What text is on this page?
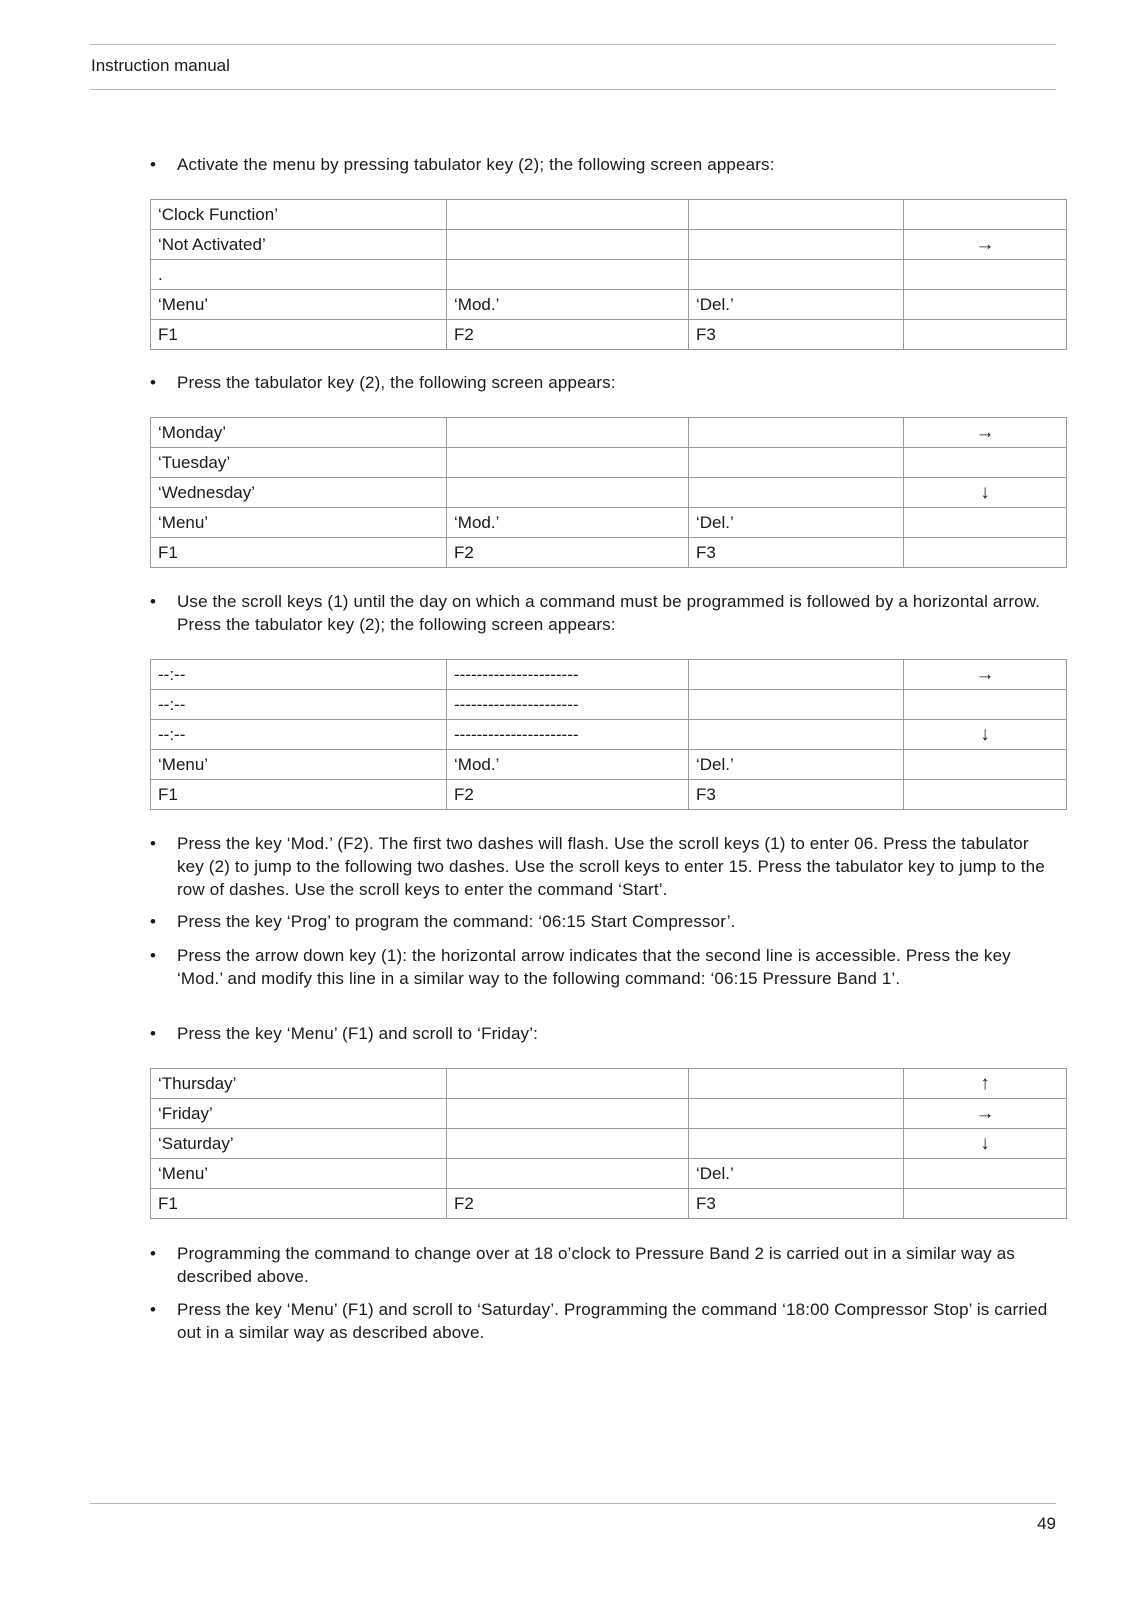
Instruction manual
• Activate the menu by pressing tabulator key (2); the following screen appears:
‘Clock Function’			
‘Not Activated’			→
.			
‘Menu’	‘Mod.’	‘Del.’	
F1	F2	F3	
• Press the tabulator key (2), the following screen appears:
‘Monday’			→
‘Tuesday’			
‘Wednesday’			↓
‘Menu’	‘Mod.’	‘Del.’	
F1	F2	F3	
• Use the scroll keys (1) until the day on which a command must be programmed is followed by a horizontal arrow. Press the tabulator key (2); the following screen appears:
--:--	----------------------		→
--:--	----------------------		
--:--	----------------------		↓
‘Menu’	‘Mod.’	‘Del.’	
F1	F2	F3	
• Press the key ‘Mod.’ (F2). The first two dashes will flash. Use the scroll keys (1) to enter 06. Press the tabulator key (2) to jump to the following two dashes. Use the scroll keys to enter 15. Press the tabulator key to jump to the row of dashes. Use the scroll keys to enter the command ‘Start’.
• Press the key ‘Prog’ to program the command: ‘06:15 Start Compressor’.
• Press the arrow down key (1): the horizontal arrow indicates that the second line is accessible. Press the key ‘Mod.’ and modify this line in a similar way to the following command: ‘06:15 Pressure Band 1’.
• Press the key ‘Menu’ (F1) and scroll to ‘Friday’:
‘Thursday’			↑
‘Friday’			→
‘Saturday’			↓
‘Menu’		‘Del.’	
F1	F2	F3	
• Programming the command to change over at 18 o’clock to Pressure Band 2 is carried out in a similar way as described above.
• Press the key ‘Menu’ (F1) and scroll to ‘Saturday’. Programming the command ‘18:00 Compressor Stop’ is carried out in a similar way as described above.
49
